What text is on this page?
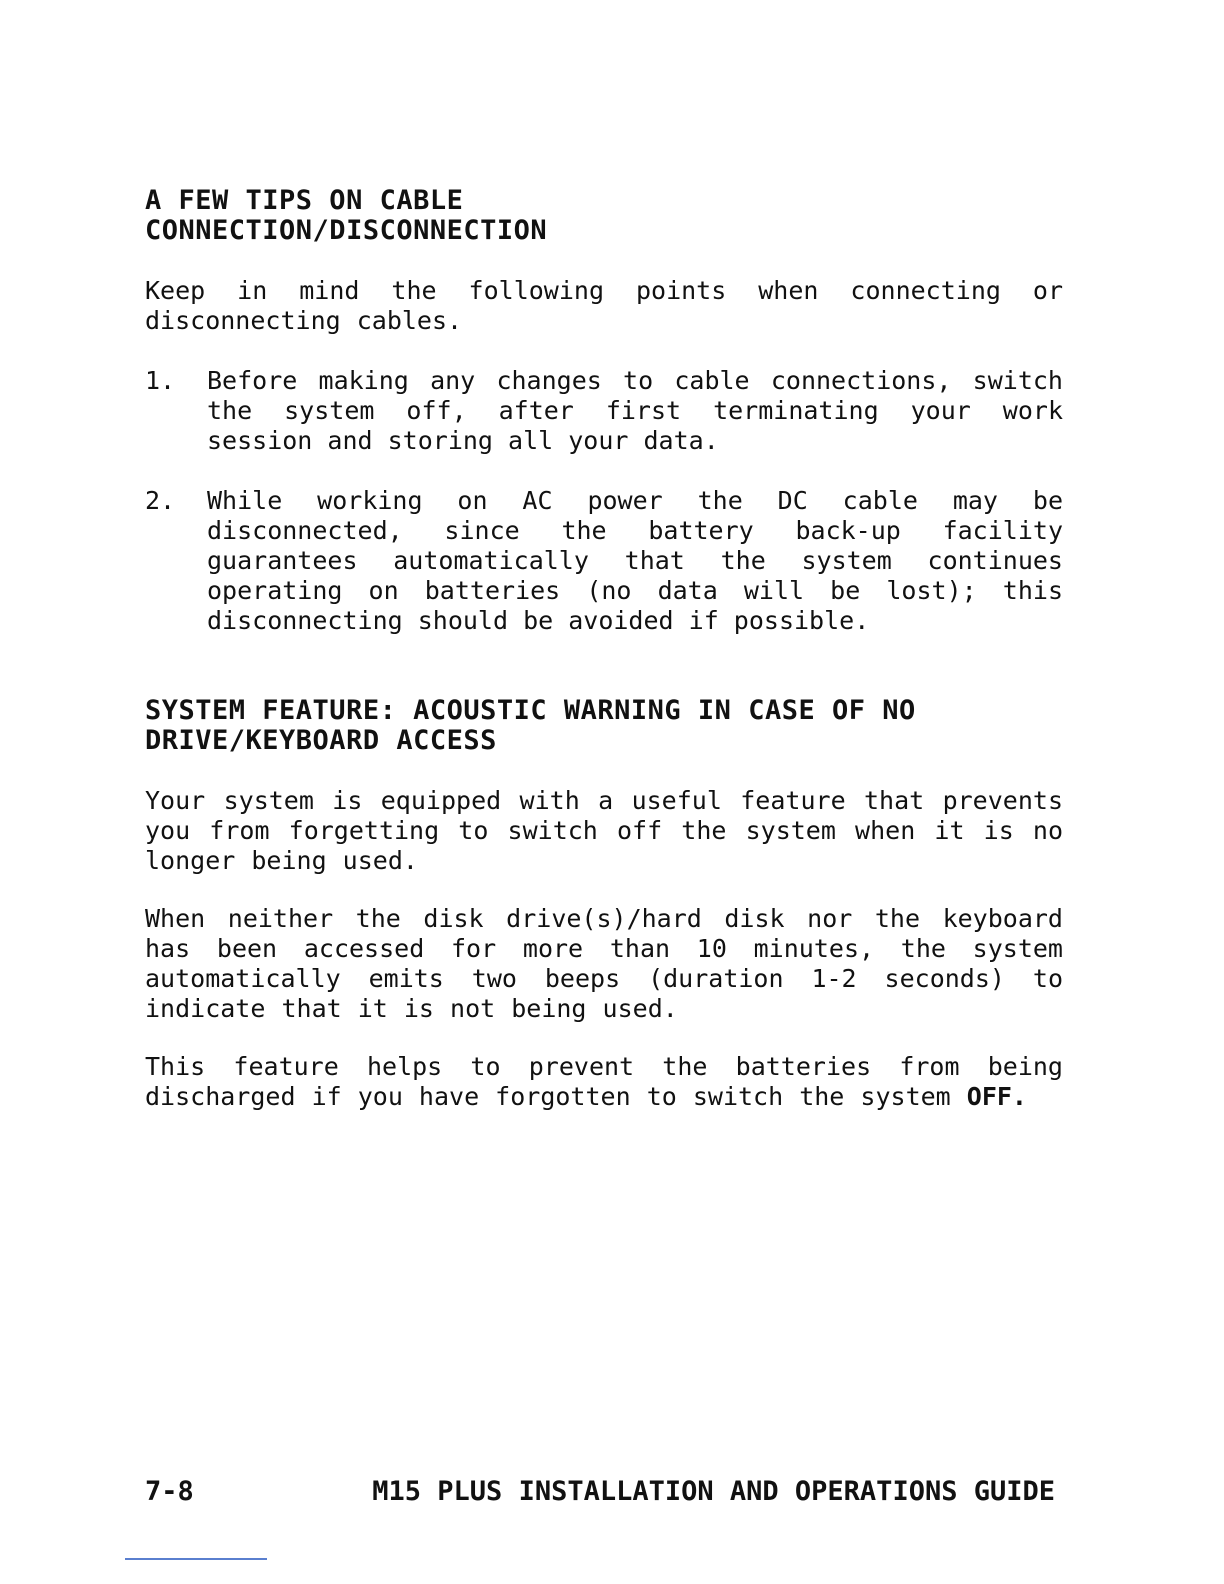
A FEW TIPS ON CABLE
CONNECTION/DISCONNECTION

Keep in mind the following points when connecting or disconnecting cables.

1. Before making any changes to cable connections, switch the system off, after first terminating your work session and storing all your data.
2. While working on AC power the DC cable may be disconnected, since the battery back-up facility guarantees automatically that the system continues operating on batteries (no data will be lost); this disconnecting should be avoided if possible.
SYSTEM FEATURE: ACOUSTIC WARNING IN CASE OF NO
DRIVE/KEYBOARD ACCESS

Your system is equipped with a useful feature that prevents you from forgetting to switch off the system when it is no longer being used.

When neither the disk drive(s)/hard disk nor the keyboard has been accessed for more than 10 minutes, the system automatically emits two beeps (duration 1-2 seconds) to indicate that it is not being used.

This feature helps to prevent the batteries from being discharged if you have forgotten to switch the system OFF.

7-8	M15 PLUS INSTALLATION AND OPERATIONS GUIDE
